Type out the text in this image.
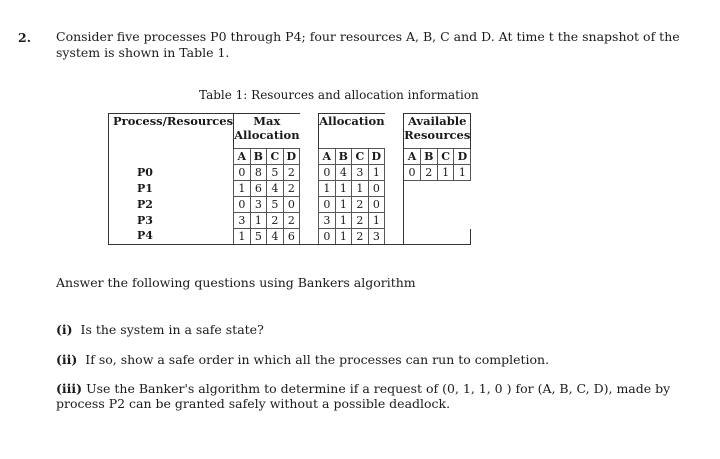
2. Consider five processes P0 through P4; four resources A, B, C and D. At time t the snapshot of the system is shown in Table 1.
Table 1: Resources and allocation information
Process/Resources	Max Allocation					Allocation					Available Resources			
	A	B	C	D		A	B	C	D		A	B	C	D
P0	0	8	5	2		0	4	3	1		0	2	1	1
P1	1	6	4	2		1	1	1	0					
P2	0	3	5	0		0	1	2	0					
P3	3	1	2	2		3	1	2	1					
P4	1	5	4	6		0	1	2	3					
Answer the following questions using Bankers algorithm
(i) Is the system in a safe state?
(ii) If so, show a safe order in which all the processes can run to completion.
(iii) Use the Banker's algorithm to determine if a request of (0, 1, 1, 0 ) for (A, B, C, D), made by process P2 can be granted safely without a possible deadlock.
